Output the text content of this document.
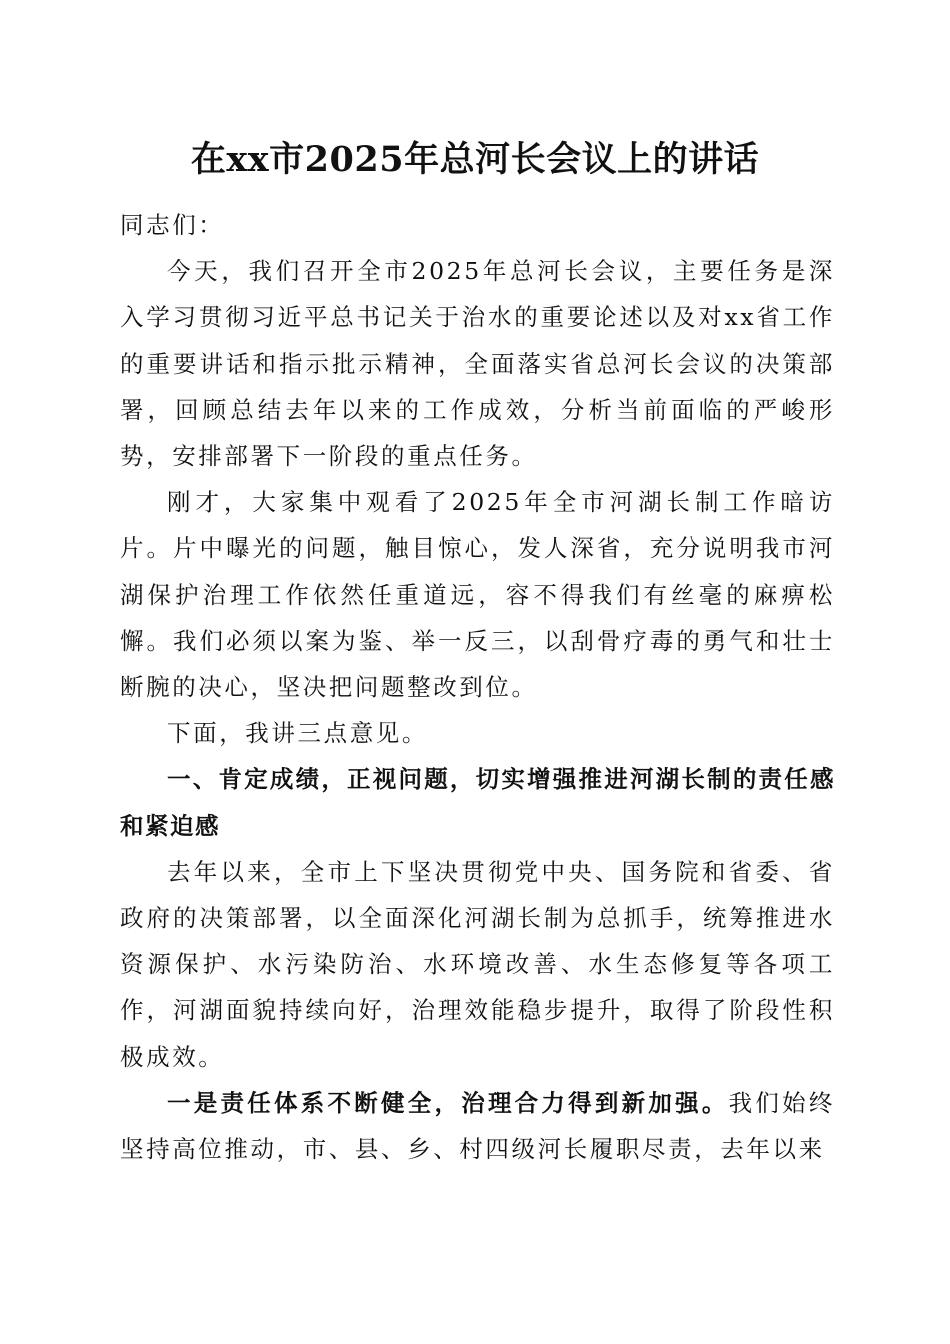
在xx市2025年总河长会议上的讲话

同志们：

今天，我们召开全市2025年总河长会议，主要任务是深入学习贯彻习近平总书记关于治水的重要论述以及对xx省工作的重要讲话和指示批示精神，全面落实省总河长会议的决策部署，回顾总结去年以来的工作成效，分析当前面临的严峻形势，安排部署下一阶段的重点任务。

刚才，大家集中观看了2025年全市河湖长制工作暗访片。片中曝光的问题，触目惊心，发人深省，充分说明我市河湖保护治理工作依然任重道远，容不得我们有丝毫的麻痹松懈。我们必须以案为鉴、举一反三，以刮骨疗毒的勇气和壮士断腕的决心，坚决把问题整改到位。

下面，我讲三点意见。

一、肯定成绩，正视问题，切实增强推进河湖长制的责任感和紧迫感

去年以来，全市上下坚决贯彻党中央、国务院和省委、省政府的决策部署，以全面深化河湖长制为总抓手，统筹推进水资源保护、水污染防治、水环境改善、水生态修复等各项工作，河湖面貌持续向好，治理效能稳步提升，取得了阶段性积极成效。

一是责任体系不断健全，治理合力得到新加强。我们始终坚持高位推动，市、县、乡、村四级河长履职尽责，去年以来
